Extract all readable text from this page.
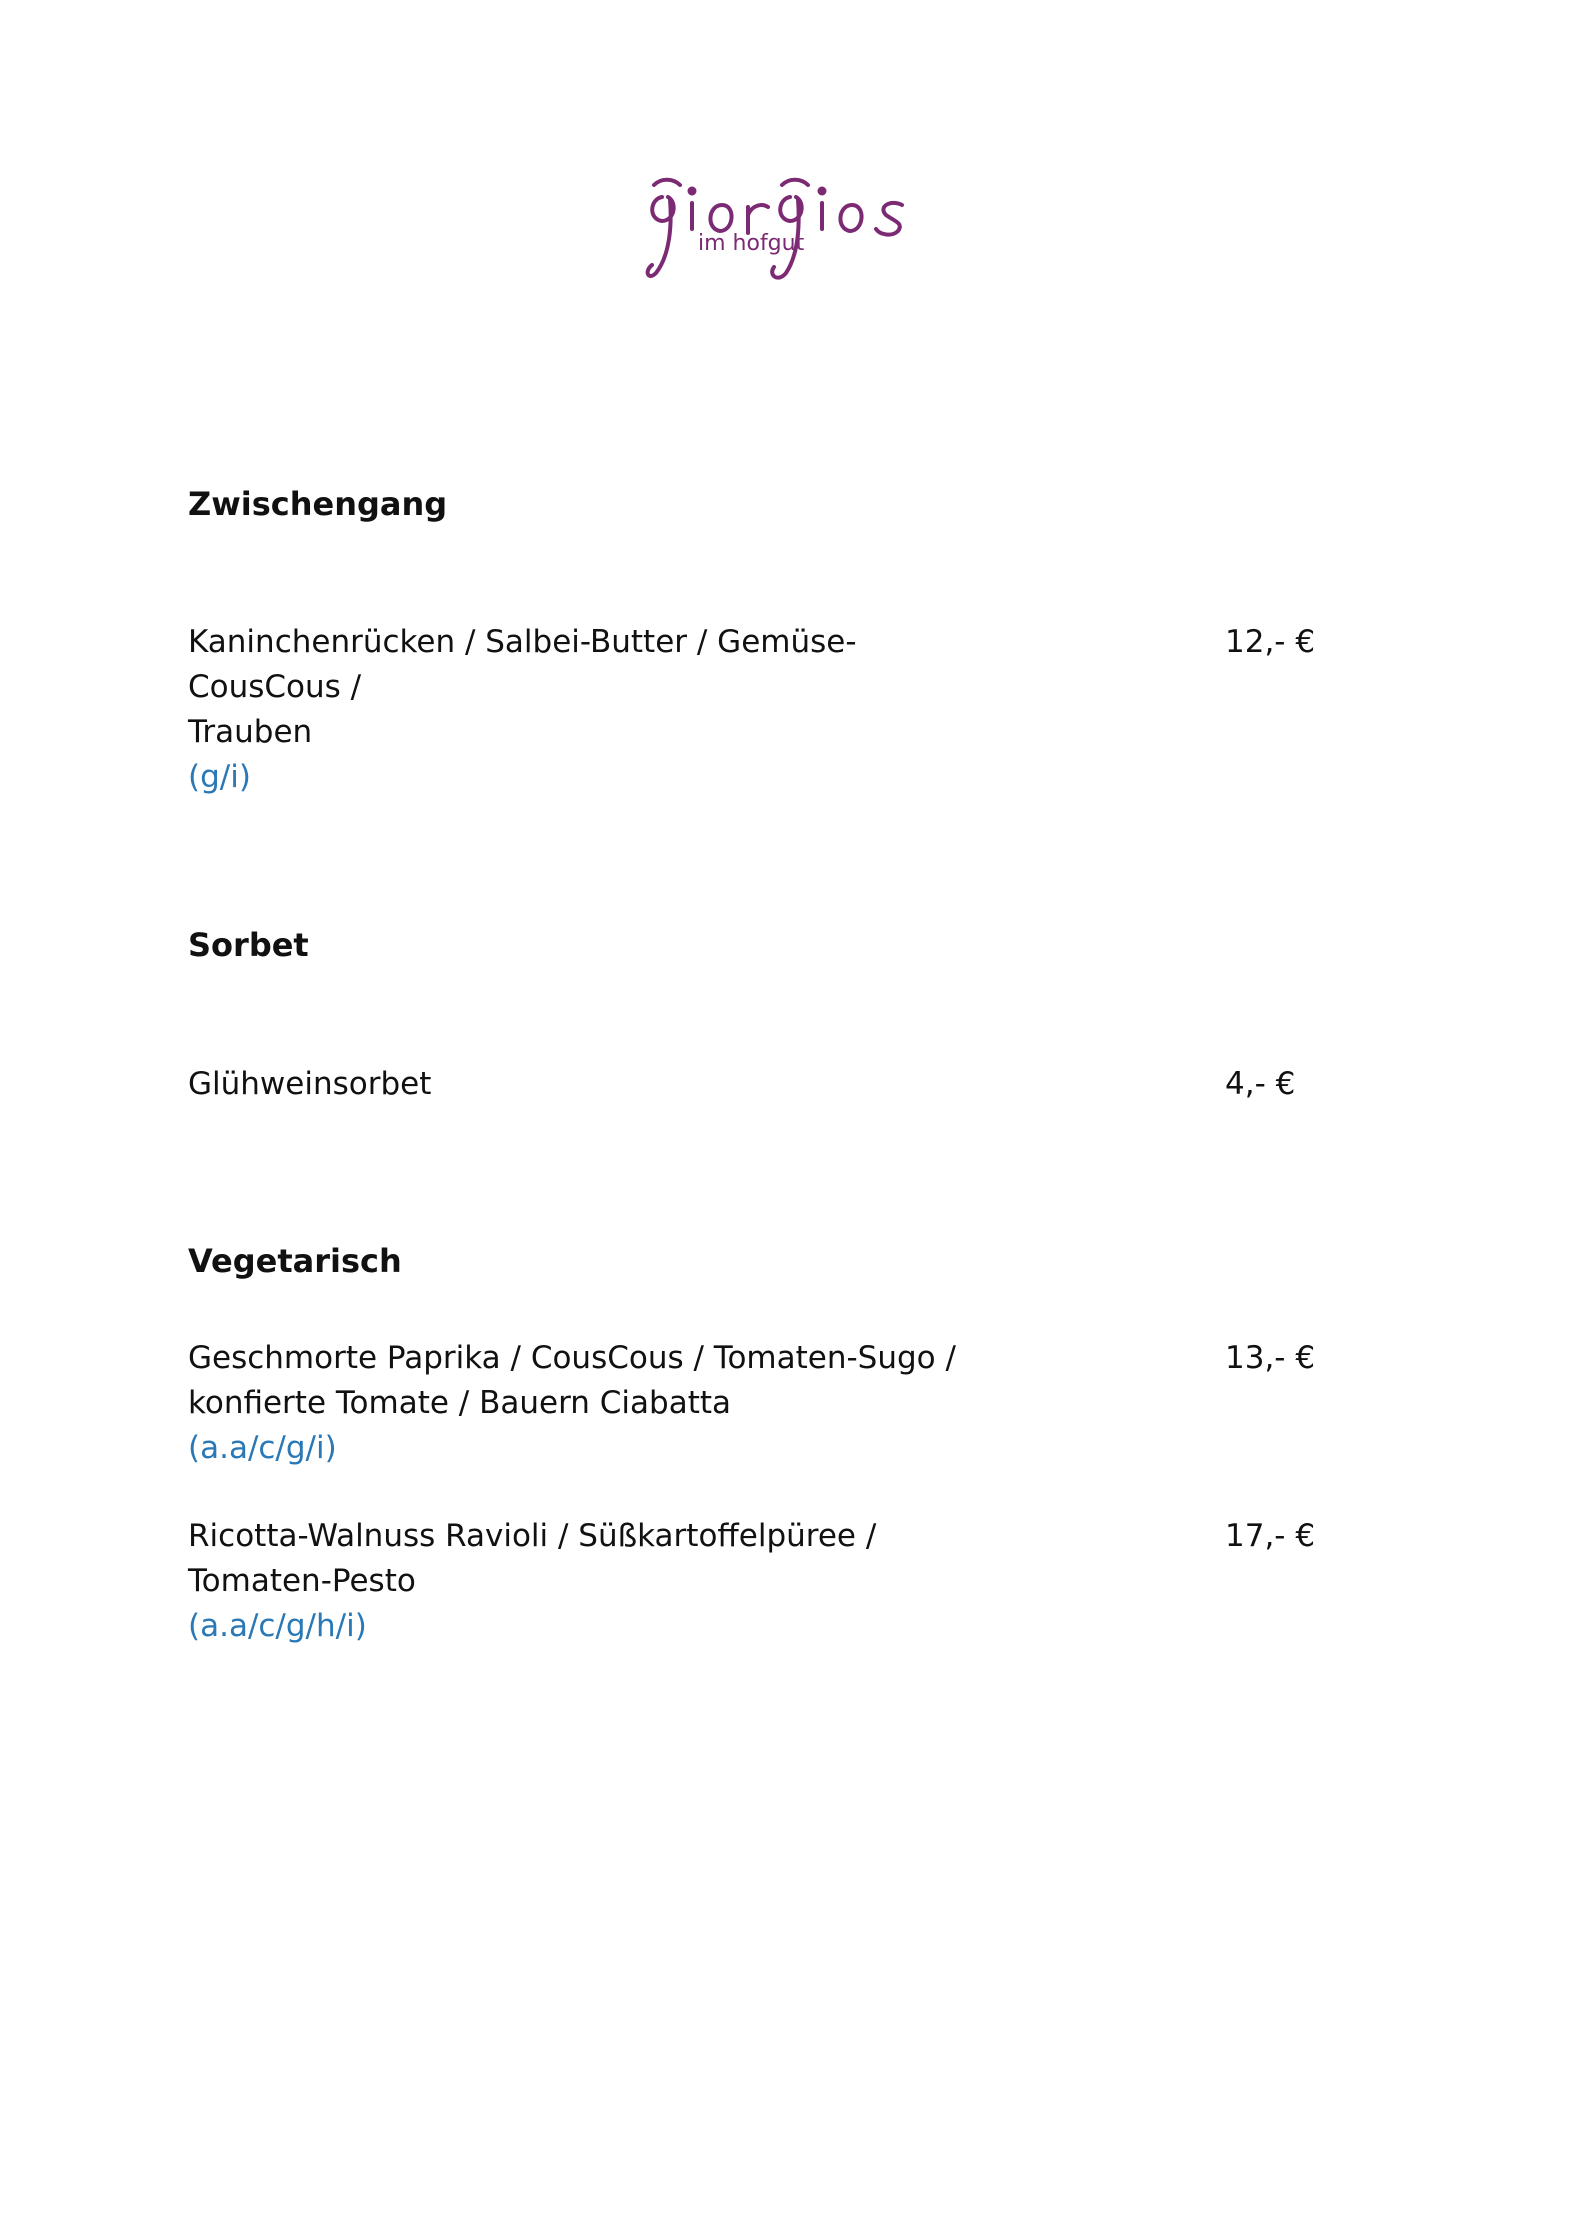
im hofgut
Zwischengang
Kaninchenrücken / Salbei-Butter / Gemüse-CousCous /
Trauben
(g/i)
12,- €
Sorbet
Glühweinsorbet	4,- €
Vegetarisch
Geschmorte Paprika / CousCous / Tomaten-Sugo /
konfierte Tomate / Bauern Ciabatta
(a.a/c/g/i)
13,- €
Ricotta-Walnuss Ravioli / Süßkartoffelpüree /
Tomaten-Pesto
(a.a/c/g/h/i)
17,- €
